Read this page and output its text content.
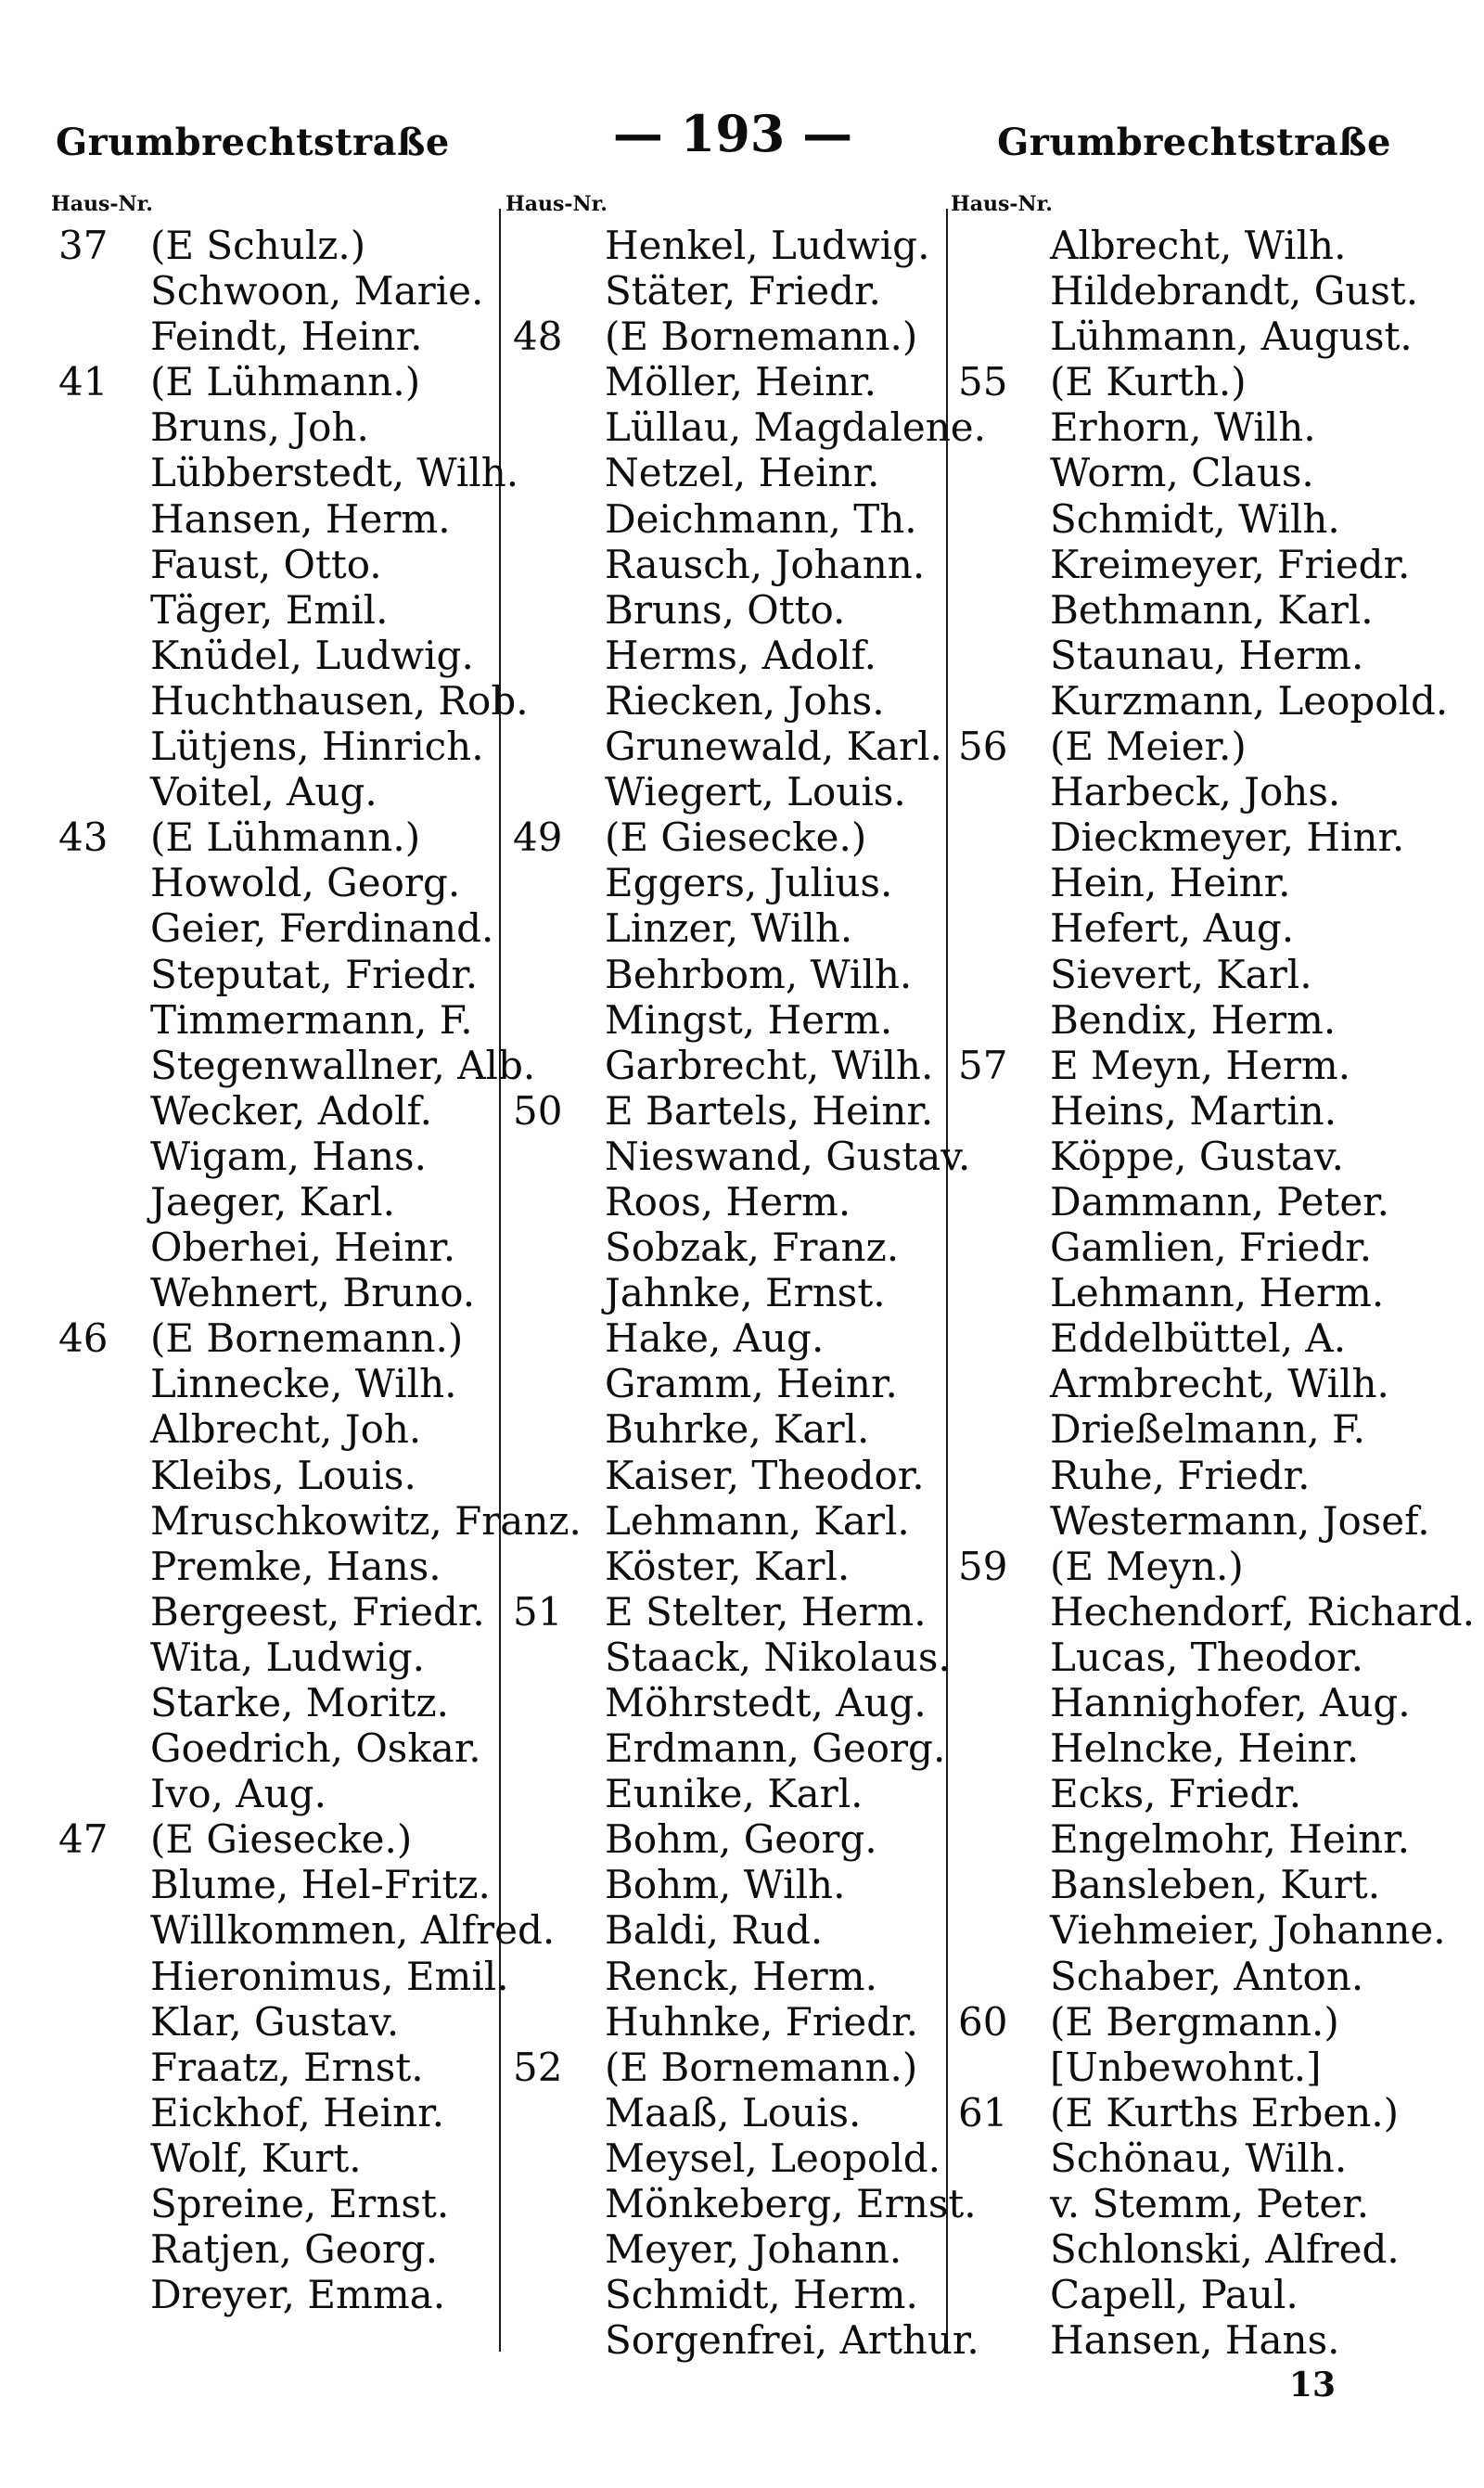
Grumbrechtstraße	— 193 —	Grumbrechtstraße
Haus-Nr.
37	(E Schulz.)
Schwoon, Marie.
Feindt, Heinr.
41	(E Lühmann.)
Bruns, Joh.
Lübberstedt, Wilh.
Hansen, Herm.
Faust, Otto.
Täger, Emil.
Knüdel, Ludwig.
Huchthausen, Rob.
Lütjens, Hinrich.
Voitel, Aug.
43	(E Lühmann.)
Howold, Georg.
Geier, Ferdinand.
Steputat, Friedr.
Timmermann, F.
Stegenwallner, Alb.
Wecker, Adolf.
Wigam, Hans.
Jaeger, Karl.
Oberhei, Heinr.
Wehnert, Bruno.
46	(E Bornemann.)
Linnecke, Wilh.
Albrecht, Joh.
Kleibs, Louis.
Mruschkowitz, Franz.
Premke, Hans.
Bergeest, Friedr.
Wita, Ludwig.
Starke, Moritz.
Goedrich, Oskar.
Ivo, Aug.
47	(E Giesecke.)
Blume, Hel-Fritz.
Willkommen, Alfred.
Hieronimus, Emil.
Klar, Gustav.
Fraatz, Ernst.
Eickhof, Heinr.
Wolf, Kurt.
Spreine, Ernst.
Ratjen, Georg.
Dreyer, Emma.
Haus-Nr.
Henkel, Ludwig.
Stäter, Friedr.
48	(E Bornemann.)
Möller, Heinr.
Lüllau, Magdalene.
Netzel, Heinr.
Deichmann, Th.
Rausch, Johann.
Bruns, Otto.
Herms, Adolf.
Riecken, Johs.
Grunewald, Karl.
Wiegert, Louis.
49	(E Giesecke.)
Eggers, Julius.
Linzer, Wilh.
Behrbom, Wilh.
Mingst, Herm.
Garbrecht, Wilh.
50	E Bartels, Heinr.
Nieswand, Gustav.
Roos, Herm.
Sobzak, Franz.
Jahnke, Ernst.
Hake, Aug.
Gramm, Heinr.
Buhrke, Karl.
Kaiser, Theodor.
Lehmann, Karl.
Köster, Karl.
51	E Stelter, Herm.
Staack, Nikolaus.
Möhrstedt, Aug.
Erdmann, Georg.
Eunike, Karl.
Bohm, Georg.
Bohm, Wilh.
Baldi, Rud.
Renck, Herm.
Huhnke, Friedr.
52	(E Bornemann.)
Maaß, Louis.
Meysel, Leopold.
Mönkeberg, Ernst.
Meyer, Johann.
Schmidt, Herm.
Sorgenfrei, Arthur.
Haus-Nr.
Albrecht, Wilh.
Hildebrandt, Gust.
Lühmann, August.
55	(E Kurth.)
Erhorn, Wilh.
Worm, Claus.
Schmidt, Wilh.
Kreimeyer, Friedr.
Bethmann, Karl.
Staunau, Herm.
Kurzmann, Leopold.
56	(E Meier.)
Harbeck, Johs.
Dieckmeyer, Hinr.
Hein, Heinr.
Hefert, Aug.
Sievert, Karl.
Bendix, Herm.
57	E Meyn, Herm.
Heins, Martin.
Köppe, Gustav.
Dammann, Peter.
Gamlien, Friedr.
Lehmann, Herm.
Eddelbüttel, A.
Armbrecht, Wilh.
Drießelmann, F.
Ruhe, Friedr.
Westermann, Josef.
59	(E Meyn.)
Hechendorf, Richard.
Lucas, Theodor.
Hannighofer, Aug.
Helncke, Heinr.
Ecks, Friedr.
Engelmohr, Heinr.
Bansleben, Kurt.
Viehmeier, Johanne.
Schaber, Anton.
60	(E Bergmann.)
[Unbewohnt.]
61	(E Kurths Erben.)
Schönau, Wilh.
v. Stemm, Peter.
Schlonski, Alfred.
Capell, Paul.
Hansen, Hans.
13
